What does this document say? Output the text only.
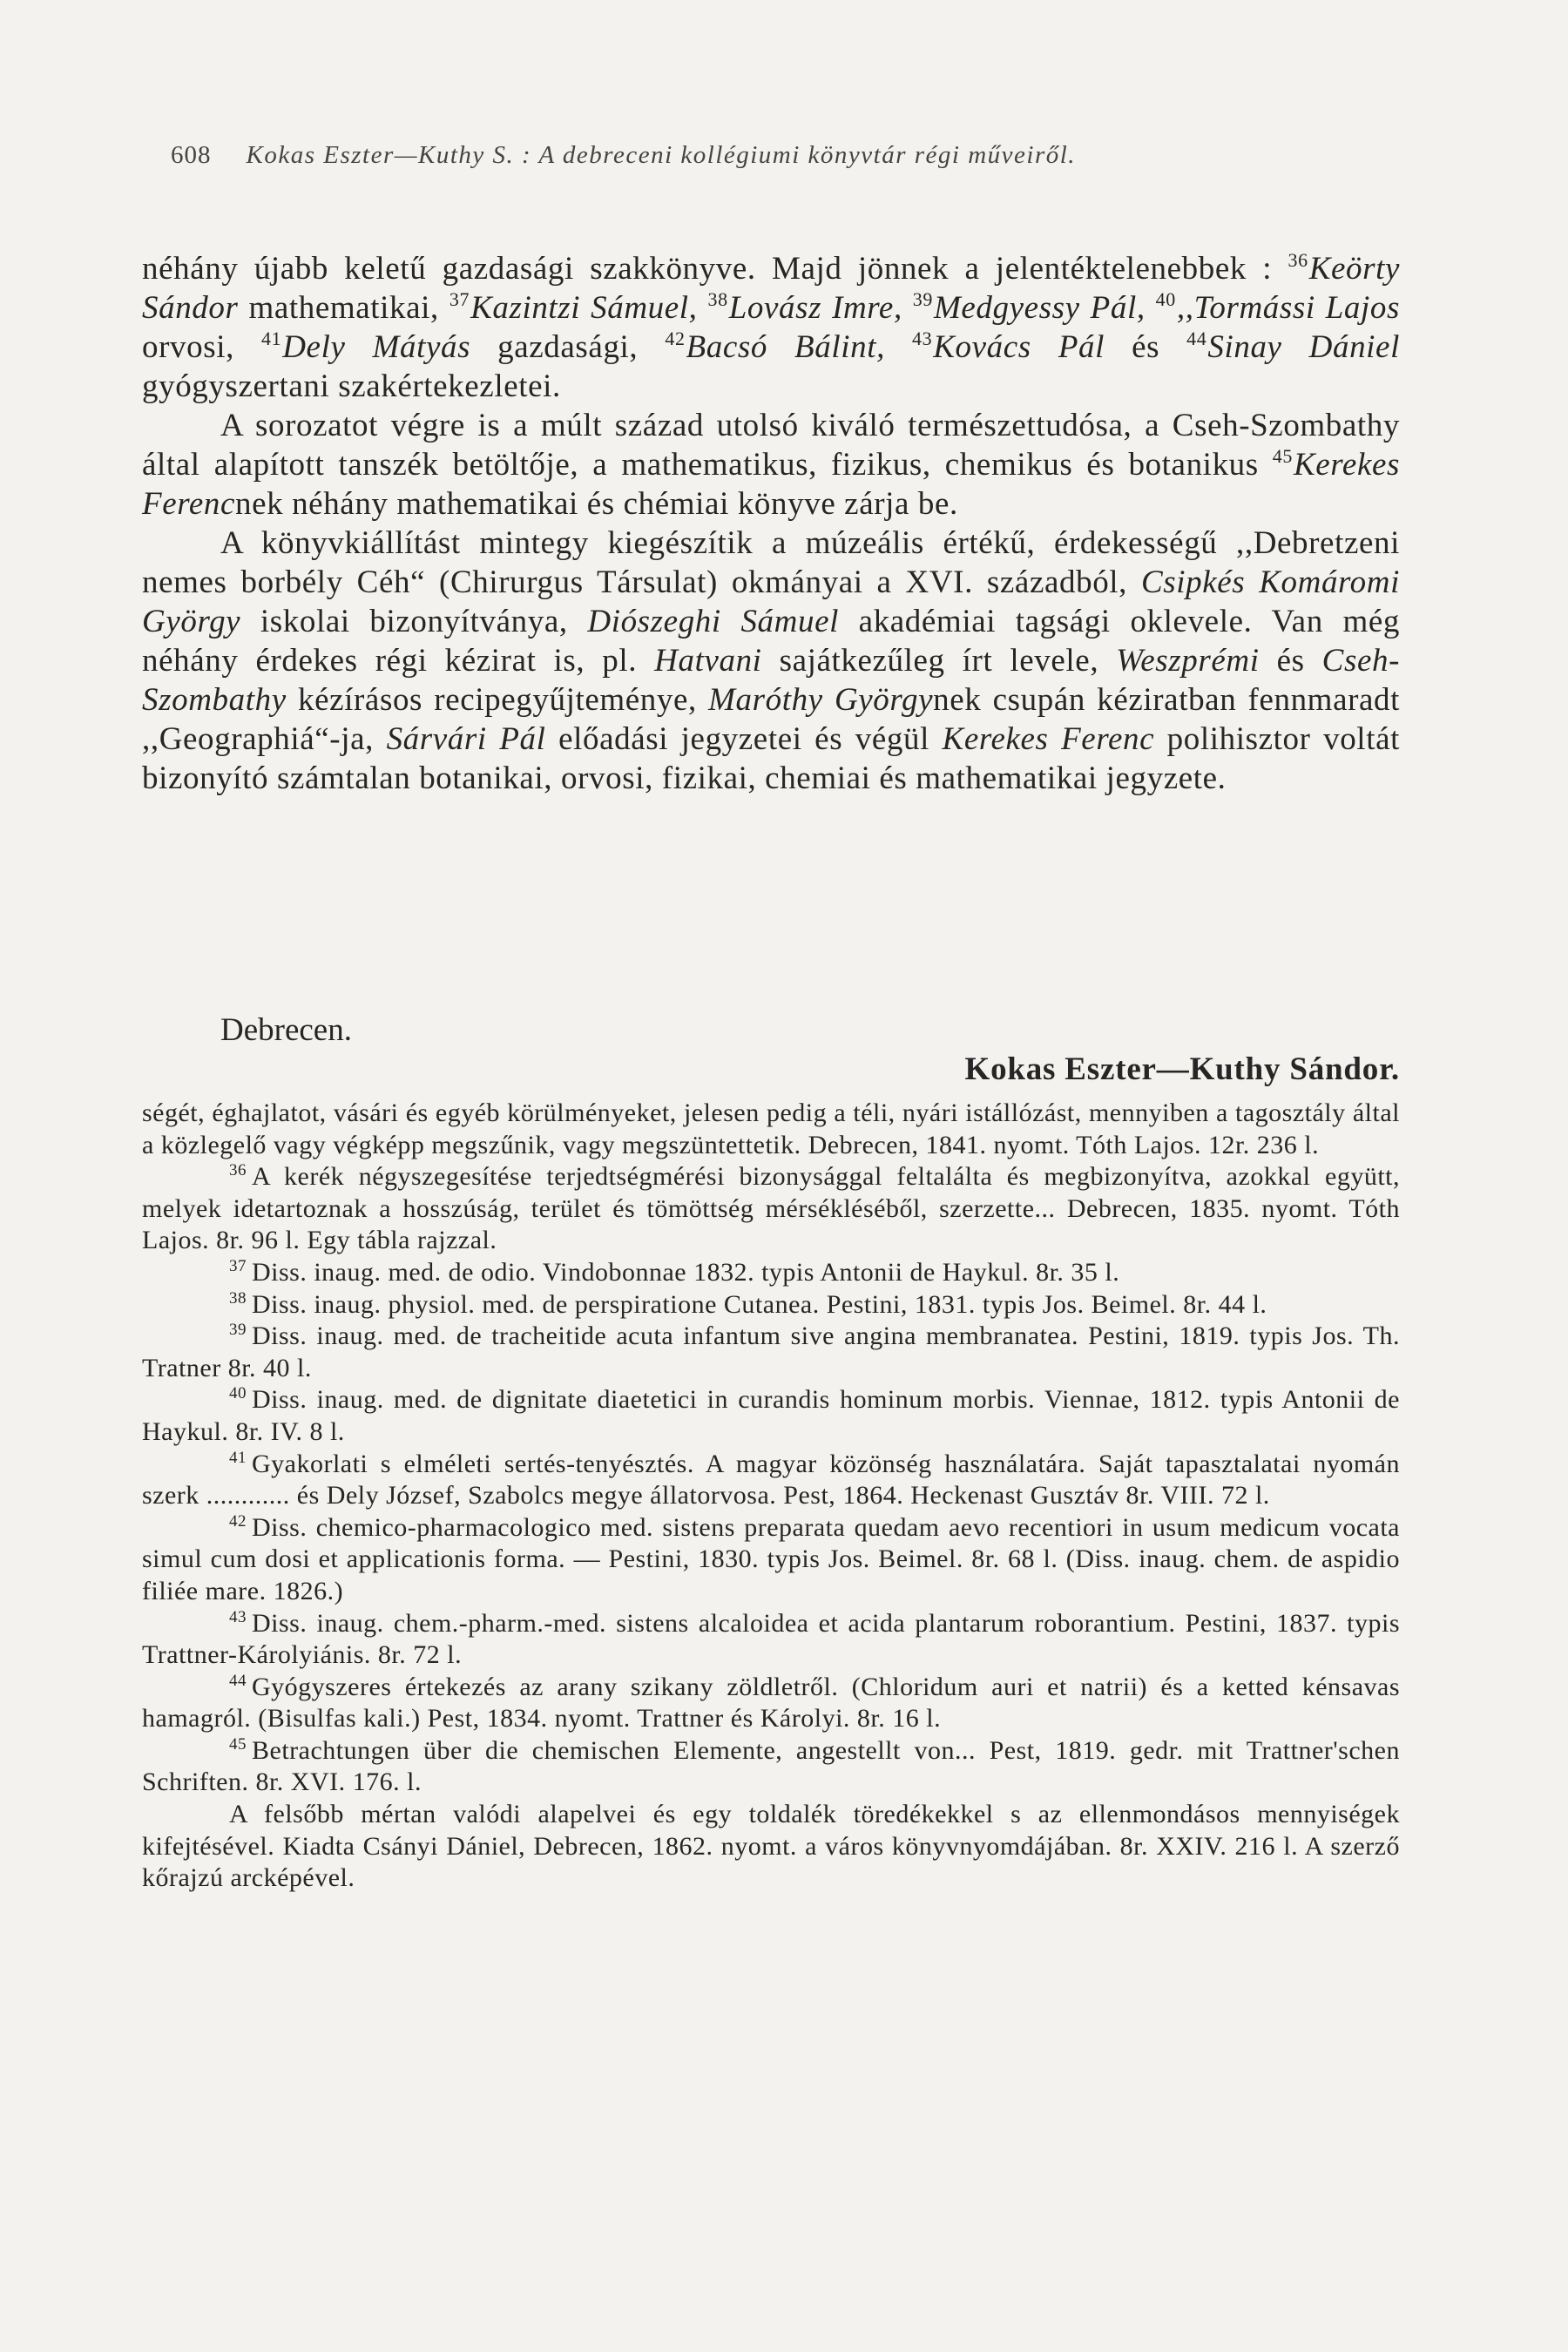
608 Kokas Eszter—Kuthy S. : A debreceni kollégiumi könyvtár régi műveiről.

néhány újabb keletű gazdasági szakkönyve. Majd jönnek a jelentéktelenebbek : $^{36}$Keörty Sándor mathematikai, $^{37}$Kazintzi Sámuel, $^{38}$Lovász Imre, $^{39}$Medgyessy Pál, $^{40}$,,Tormássi Lajos orvosi, $^{41}$Dely Mátyás gazdasági, $^{42}$Bacsó Bálint, $^{43}$Kovács Pál és $^{44}$Sinay Dániel gyógyszertani szakértekezletei.

A sorozatot végre is a múlt század utolsó kiváló természettudósa, a Cseh-Szombathy által alapított tanszék betöltője, a mathematikus, fizikus, chemikus és botanikus $^{45}$Kerekes Ferencnek néhány mathematikai és chémiai könyve zárja be.

A könyvkiállítást mintegy kiegészítik a múzeális értékű, érdekességű ,,Debretzeni nemes borbély Céh“ (Chirurgus Társulat) okmányai a XVI. századból, Csipkés Komáromi György iskolai bizonyítványa, Diószeghi Sámuel akadémiai tagsági oklevele. Van még néhány érdekes régi kézirat is, pl. Hatvani sajátkezűleg írt levele, Weszprémi és Cseh-Szombathy kézírásos recipegyűjteménye, Maróthy Györgynek csupán kéziratban fennmaradt ,,Geographiá“-ja, Sárvári Pál előadási jegyzetei és végül Kerekes Ferenc polihisztor voltát bizonyító számtalan botanikai, orvosi, fizikai, chemiai és mathematikai jegyzete.

Debrecen.
Kokas Eszter—Kuthy Sándor.

ségét, éghajlatot, vásári és egyéb körülményeket, jelesen pedig a téli, nyári istállózást, mennyiben a tagosztály által a közlegelő vagy végképp megszűnik, vagy megszüntettetik. Debrecen, 1841. nyomt. Tóth Lajos. 12r. 236 l.

$^{36}$ A kerék négyszegesítése terjedtségmérési bizonysággal feltalálta és megbizonyítva, azokkal együtt, melyek idetartoznak a hosszúság, terület és tömöttség mérsékléséből, szerzette... Debrecen, 1835. nyomt. Tóth Lajos. 8r. 96 l. Egy tábla rajzzal.

$^{37}$ Diss. inaug. med. de odio. Vindobonnae 1832. typis Antonii de Haykul. 8r. 35 l.

$^{38}$ Diss. inaug. physiol. med. de perspiratione Cutanea. Pestini, 1831. typis Jos. Beimel. 8r. 44 l.

$^{39}$ Diss. inaug. med. de tracheitide acuta infantum sive angina membranatea. Pestini, 1819. typis Jos. Th. Tratner 8r. 40 l.

$^{40}$ Diss. inaug. med. de dignitate diaetetici in curandis hominum morbis. Viennae, 1812. typis Antonii de Haykul. 8r. IV. 8 l.

$^{41}$ Gyakorlati s elméleti sertés-tenyésztés. A magyar közönség használatára. Saját tapasztalatai nyomán szerk ............ és Dely József, Szabolcs megye állatorvosa. Pest, 1864. Heckenast Gusztáv 8r. VIII. 72 l.

$^{42}$ Diss. chemico-pharmacologico med. sistens preparata quedam aevo recentiori in usum medicum vocata simul cum dosi et applicationis forma. — Pestini, 1830. typis Jos. Beimel. 8r. 68 l. (Diss. inaug. chem. de aspidio filiée mare. 1826.)

$^{43}$ Diss. inaug. chem.-pharm.-med. sistens alcaloidea et acida plantarum roborantium. Pestini, 1837. typis Trattner-Károlyiánis. 8r. 72 l.

$^{44}$ Gyógyszeres értekezés az arany szikany zöldletről. (Chloridum auri et natrii) és a ketted kénsavas hamagról. (Bisulfas kali.) Pest, 1834. nyomt. Trattner és Károlyi. 8r. 16 l.

$^{45}$ Betrachtungen über die chemischen Elemente, angestellt von... Pest, 1819. gedr. mit Trattner'schen Schriften. 8r. XVI. 176. l.

A felsőbb mértan valódi alapelvei és egy toldalék töredékekkel s az ellenmondásos mennyiségek kifejtésével. Kiadta Csányi Dániel, Debrecen, 1862. nyomt. a város könyvnyomdájában. 8r. XXIV. 216 l. A szerző kőrajzú arcképével.
